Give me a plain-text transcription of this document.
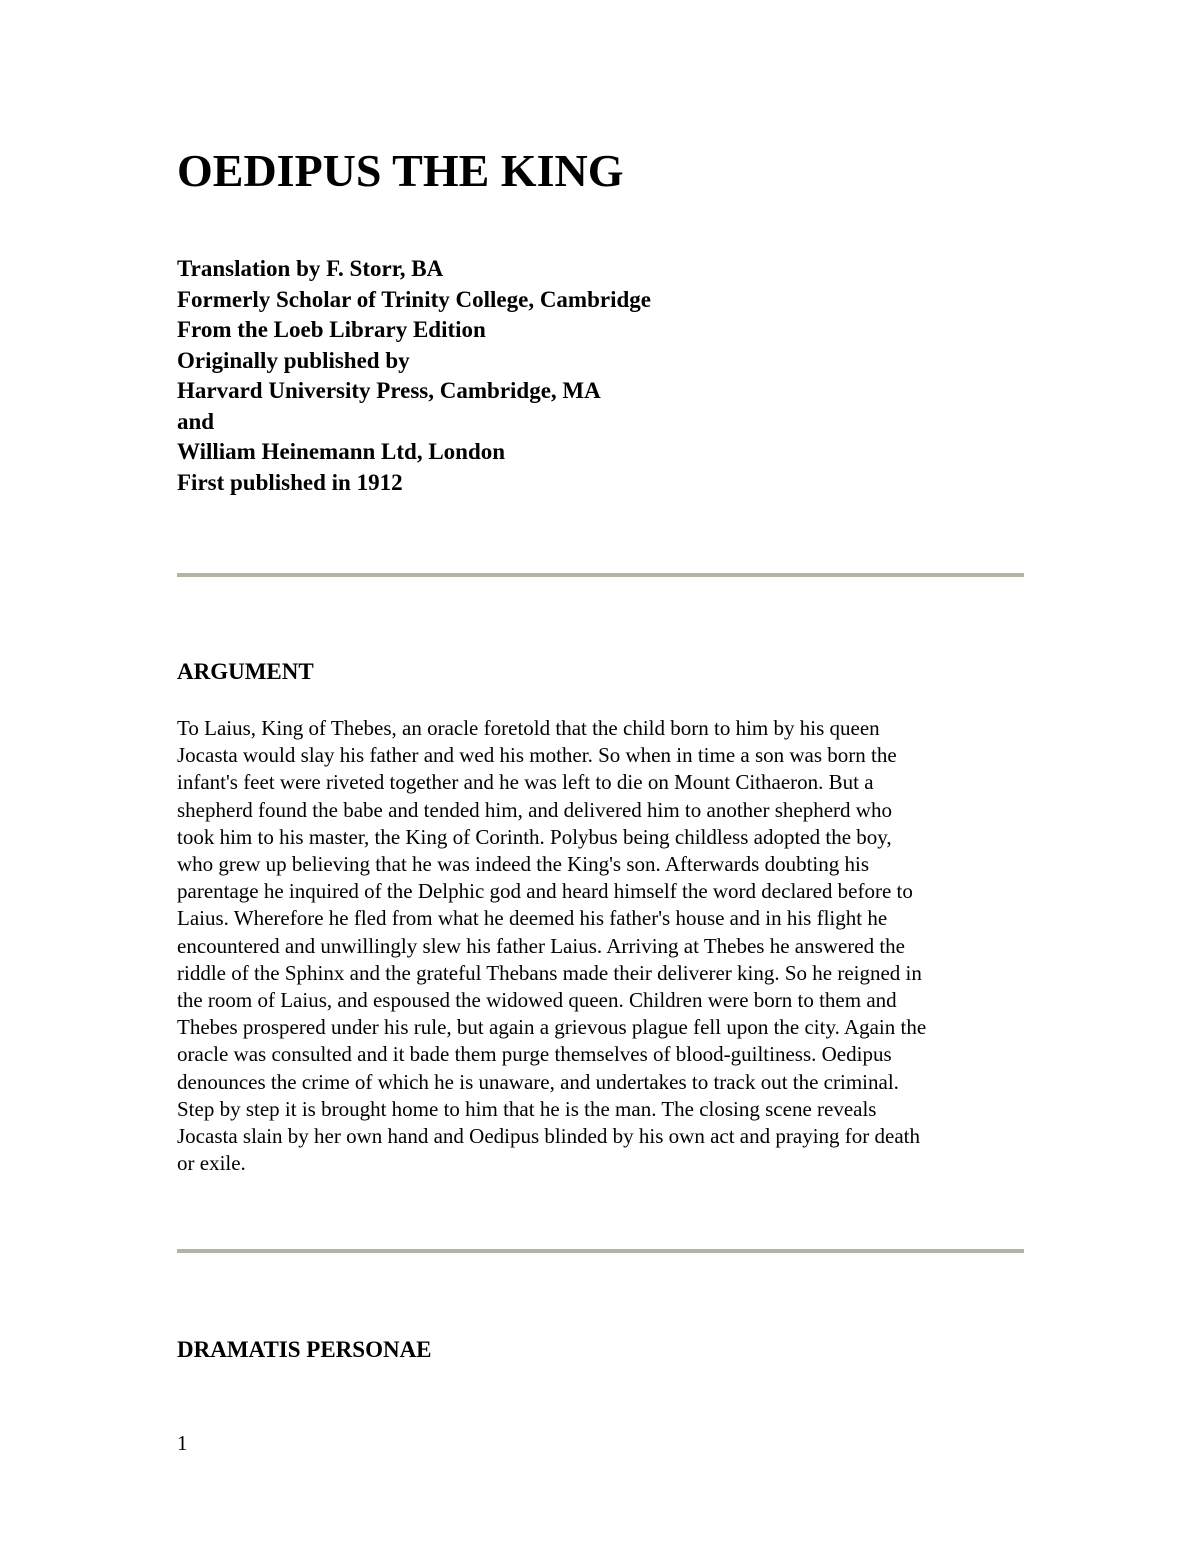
OEDIPUS THE KING
Translation by F. Storr, BA
Formerly Scholar of Trinity College, Cambridge
From the Loeb Library Edition
Originally published by
Harvard University Press, Cambridge, MA
and
William Heinemann Ltd, London
First published in 1912
ARGUMENT
To Laius, King of Thebes, an oracle foretold that the child born to him by his queen
Jocasta would slay his father and wed his mother. So when in time a son was born the
infant's feet were riveted together and he was left to die on Mount Cithaeron. But a
shepherd found the babe and tended him, and delivered him to another shepherd who
took him to his master, the King of Corinth. Polybus being childless adopted the boy,
who grew up believing that he was indeed the King's son. Afterwards doubting his
parentage he inquired of the Delphic god and heard himself the word declared before to
Laius. Wherefore he fled from what he deemed his father's house and in his flight he
encountered and unwillingly slew his father Laius. Arriving at Thebes he answered the
riddle of the Sphinx and the grateful Thebans made their deliverer king. So he reigned in
the room of Laius, and espoused the widowed queen. Children were born to them and
Thebes prospered under his rule, but again a grievous plague fell upon the city. Again the
oracle was consulted and it bade them purge themselves of blood-guiltiness. Oedipus
denounces the crime of which he is unaware, and undertakes to track out the criminal.
Step by step it is brought home to him that he is the man. The closing scene reveals
Jocasta slain by her own hand and Oedipus blinded by his own act and praying for death
or exile.
DRAMATIS PERSONAE
1
